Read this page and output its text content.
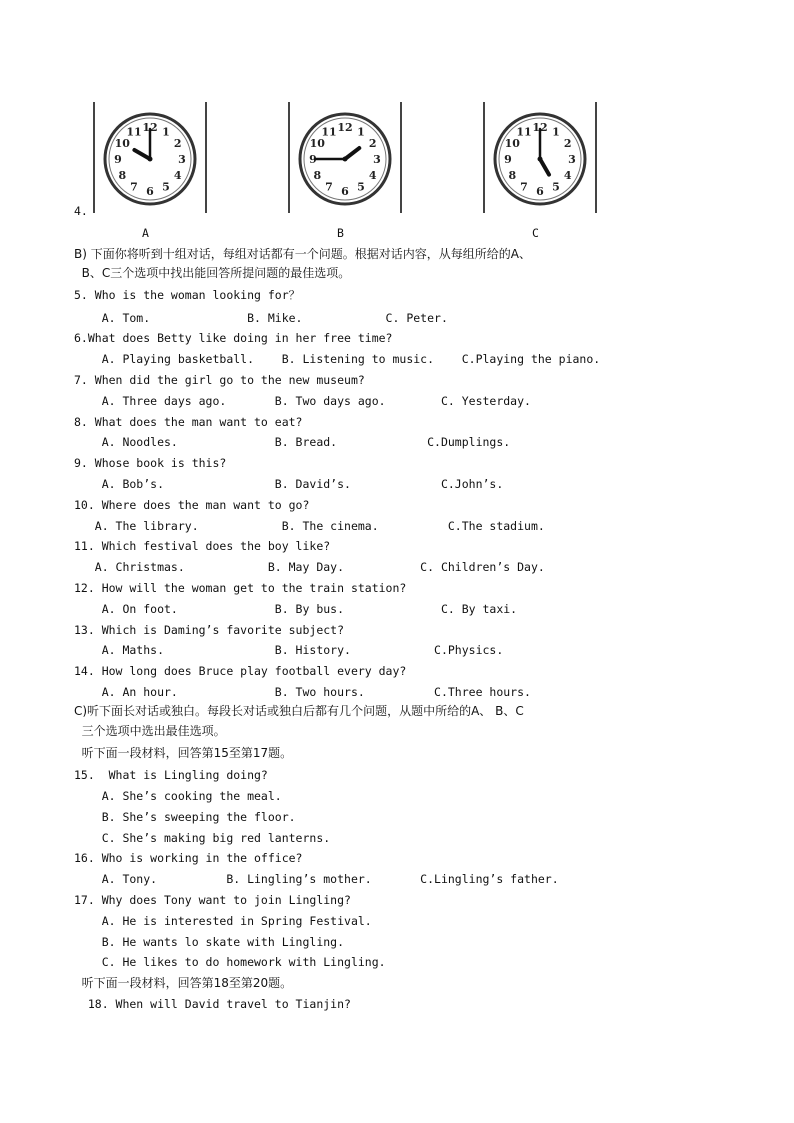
4.
12 1
2
3
4
5
6
7
8
9
10
11
A
12 1
2
3
4
5
6
7
8
9
10
11
B
12 1
2
3
4
5
6
7
8
9
10
11
C
B) 下面你将听到十组对话，每组对话都有一个问题。根据对话内容，从每组所给的A、
B、C三个选项中找出能回答所提问题的最佳选项。
5. Who is the woman looking for？
A. Tom.              B. Mike.            C. Peter.
6.What does Betty like doing in her free time?
A. Playing basketball.    B. Listening to music.    C.Playing the piano.
7. When did the girl go to the new museum?
A. Three days ago.       B. Two days ago.        C. Yesterday.
8. What does the man want to eat?
A. Noodles.              B. Bread.             C.Dumplings.
9. Whose book is this?
A. Bob’s.                B. David’s.             C.John’s.
10. Where does the man want to go?
A. The library.            B. The cinema.          C.The stadium.
11. Which festival does the boy like?
A. Christmas.            B. May Day.           C. Children’s Day.
12. How will the woman get to the train station?
A. On foot.              B. By bus.              C. By taxi.
13. Which is Daming’s favorite subject?
A. Maths.                B. History.            C.Physics.
14. How long does Bruce play football every day?
A. An hour.              B. Two hours.          C.Three hours.
C)听下面长对话或独白。每段长对话或独白后都有几个问题，从题中所给的A、 B、C
三个选项中选出最佳选项。
听下面一段材料，回答第15至第17题。
15.  What is Lingling doing?
A. She’s cooking the meal.
B. She’s sweeping the floor.
C. She’s making big red lanterns.
16. Who is working in the office?
A. Tony.          B. Lingling’s mother.       C.Lingling’s father.
17. Why does Tony want to join Lingling?
A. He is interested in Spring Festival.
B. He wants lo skate with Lingling.
C. He likes to do homework with Lingling.
听下面一段材料，回答第18至第20题。
18. When will David travel to Tianjin?
